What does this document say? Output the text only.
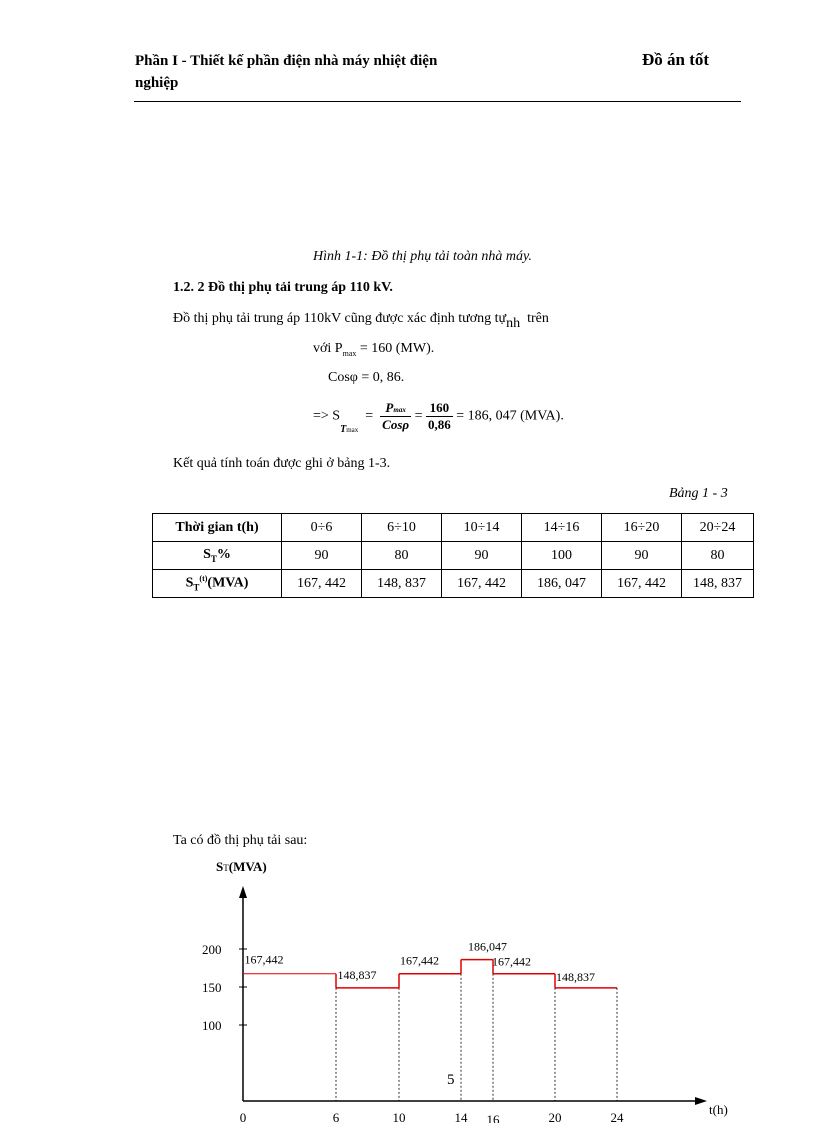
Phần I - Thiết kế phần điện nhà máy nhiệt điện
nghiệp
Đồ án tốt
Hình 1-1: Đồ thị phụ tải toàn nhà máy.
1.2. 2 Đồ thị phụ tải trung áp 110 kV.
Đồ thị phụ tải trung áp 110kV cũng được xác định tương tựnh trên
với $P_{max} = 160$ (MW).
Cosφ = 0, 86.
=> $S_{Tmax} = \frac{Pmax}{\text{Cosρ}} = \frac{160}{0,86} = 186$, 047 (MVA).
Kết quả tính toán được ghi ở bảng 1-3.
Bảng 1 - 3
Thời gian t(h)	0÷6	6÷10	10÷14	14÷16	16÷20	20÷24
$S_T\%$	90	80	90	100	90	80
$S_T^{(t)}(MVA)$	167, 442	148, 837	167, 442	186, 047	167, 442	148, 837
Ta có đồ thị phụ tải sau:
ST(MVA)
t(h)
100
150
200
0	6	10	14 16	20	24
167,442
148,837
167,442
186,047
167,442
148,837
5
